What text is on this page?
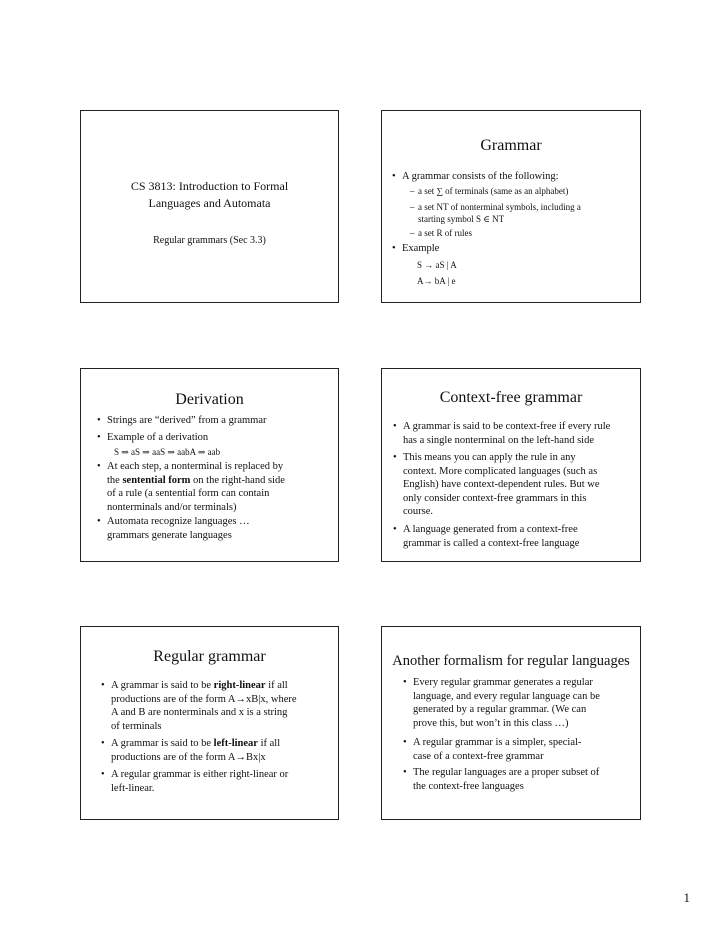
CS 3813: Introduction to Formal
Languages and Automata
Regular grammars (Sec 3.3)
Grammar
• A grammar consists of the following:
– a set ∑ of terminals (same as an alphabet)
– a set NT of nonterminal symbols, including a
starting symbol S ∈ NT
– a set R of rules
• Example
S → aS | A
A→ bA | e
Derivation
• Strings are “derived” from a grammar
• Example of a derivation
S ⇒ aS ⇒ aaS ⇒ aabA ⇒ aab
• At each step, a nonterminal is replaced by
the sentential form on the right-hand side
of a rule (a sentential form can contain
nonterminals and/or terminals)
• Automata recognize languages …
grammars generate languages
Context-free grammar
• A grammar is said to be context-free if every rule
has a single nonterminal on the left-hand side
• This means you can apply the rule in any
context. More complicated languages (such as
English) have context-dependent rules. But we
only consider context-free grammars in this
course.
• A language generated from a context-free
grammar is called a context-free language
Regular grammar
• A grammar is said to be right-linear if all
productions are of the form A→xB|x, where
A and B are nonterminals and x is a string
of terminals
• A grammar is said to be left-linear if all
productions are of the form A→Bx|x
• A regular grammar is either right-linear or
left-linear.
Another formalism for regular languages
• Every regular grammar generates a regular
language, and every regular language can be
generated by a regular grammar. (We can
prove this, but won’t in this class …)
• A regular grammar is a simpler, special-
case of a context-free grammar
• The regular languages are a proper subset of
the context-free languages
1
